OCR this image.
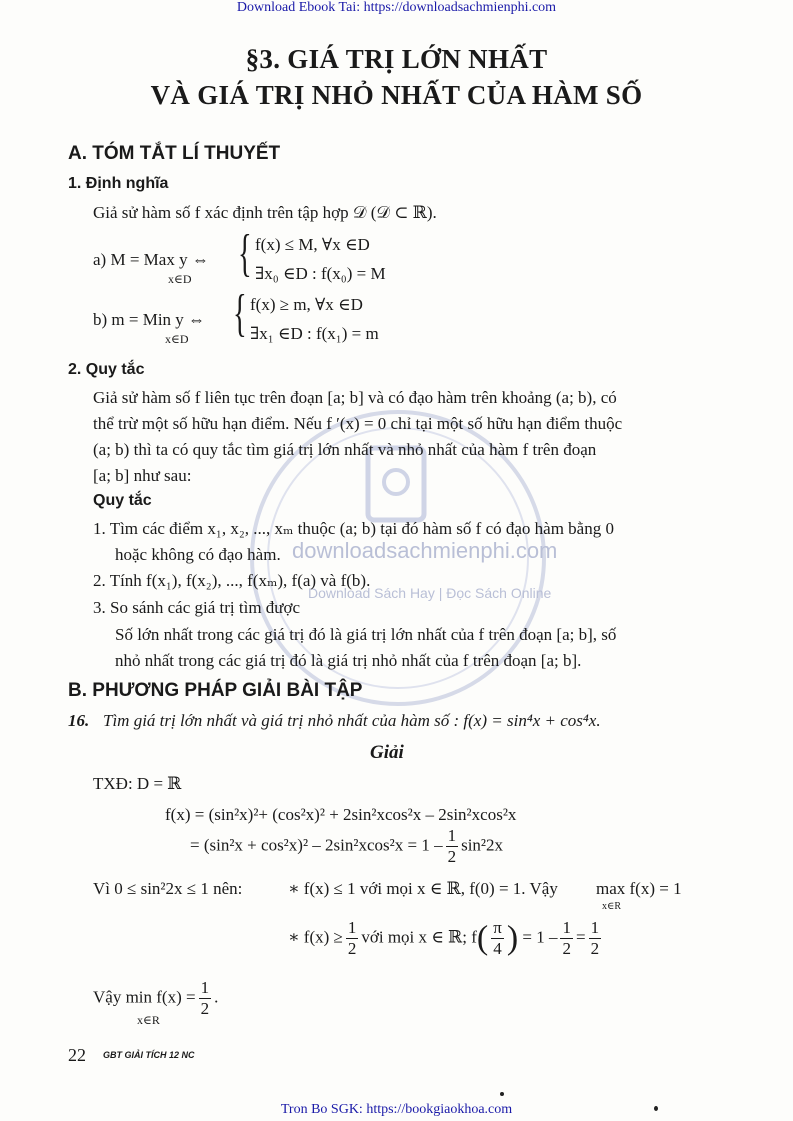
downloadsachmienphi.com
Download Sách Hay | Đọc Sách Online
Download Ebook Tai: https://downloadsachmienphi.com
§3. GIÁ TRỊ LỚN NHẤT
VÀ GIÁ TRỊ NHỎ NHẤT CỦA HÀM SỐ
A. TÓM TẮT LÍ THUYẾT
1. Định nghĩa
Giả sử hàm số f xác định trên tập hợp 𝒟 (𝒟 ⊂ ℝ).
a) M = Max y ⇔
x∈D { f(x) ≤ M, ∀x ∈D
∃x₀ ∈D : f(x₀) = M
b) m = Min y ⇔
x∈D { f(x) ≥ m, ∀x ∈D
∃x₁ ∈D : f(x₁) = m
2. Quy tắc
Giả sử hàm số f liên tục trên đoạn [a; b] và có đạo hàm trên khoảng (a; b), có
thể trừ một số hữu hạn điểm. Nếu f ′(x) = 0 chỉ tại một số hữu hạn điểm thuộc
(a; b) thì ta có quy tắc tìm giá trị lớn nhất và nhỏ nhất của hàm f trên đoạn
[a; b] như sau:
Quy tắc
1. Tìm các điểm x₁, x₂, ..., xₘ thuộc (a; b) tại đó hàm số f có đạo hàm bằng 0
hoặc không có đạo hàm.
2. Tính f(x₁), f(x₂), ..., f(xₘ), f(a) và f(b).
3. So sánh các giá trị tìm được
Số lớn nhất trong các giá trị đó là giá trị lớn nhất của f trên đoạn [a; b], số
nhỏ nhất trong các giá trị đó là giá trị nhỏ nhất của f trên đoạn [a; b].
B. PHƯƠNG PHÁP GIẢI BÀI TẬP
16. Tìm giá trị lớn nhất và giá trị nhỏ nhất của hàm số : f(x) = sin⁴x + cos⁴x.
Giải
TXĐ: D = ℝ
f(x) = (sin²x)²+ (cos²x)² + 2sin²xcos²x – 2sin²xcos²x
= $(\sin^2x + \cos^2x)^2 - 2\sin^2xcos^2x = 1 - \frac{1}{2} \sin^22x$
Vì 0 ≤ sin²2x ≤ 1 nên:	∗ f(x) ≤ 1 với mọi x ∈ ℝ, f(0) = 1. Vậy max f(x) = 1
x∈R
∗ $f(x) \ge \frac{1}{2}$ với mọi x ∈ ℝ; $f( \frac{\pi}{4}$ ) = $1 - \frac{1}{2} = \frac{1}{2}$
Vậy $\min f(x) = \frac{1}{2}$ .
x∈R
22 GBT GIẢI TÍCH 12 NC
Tron Bo SGK: https://bookgiaokhoa.com
